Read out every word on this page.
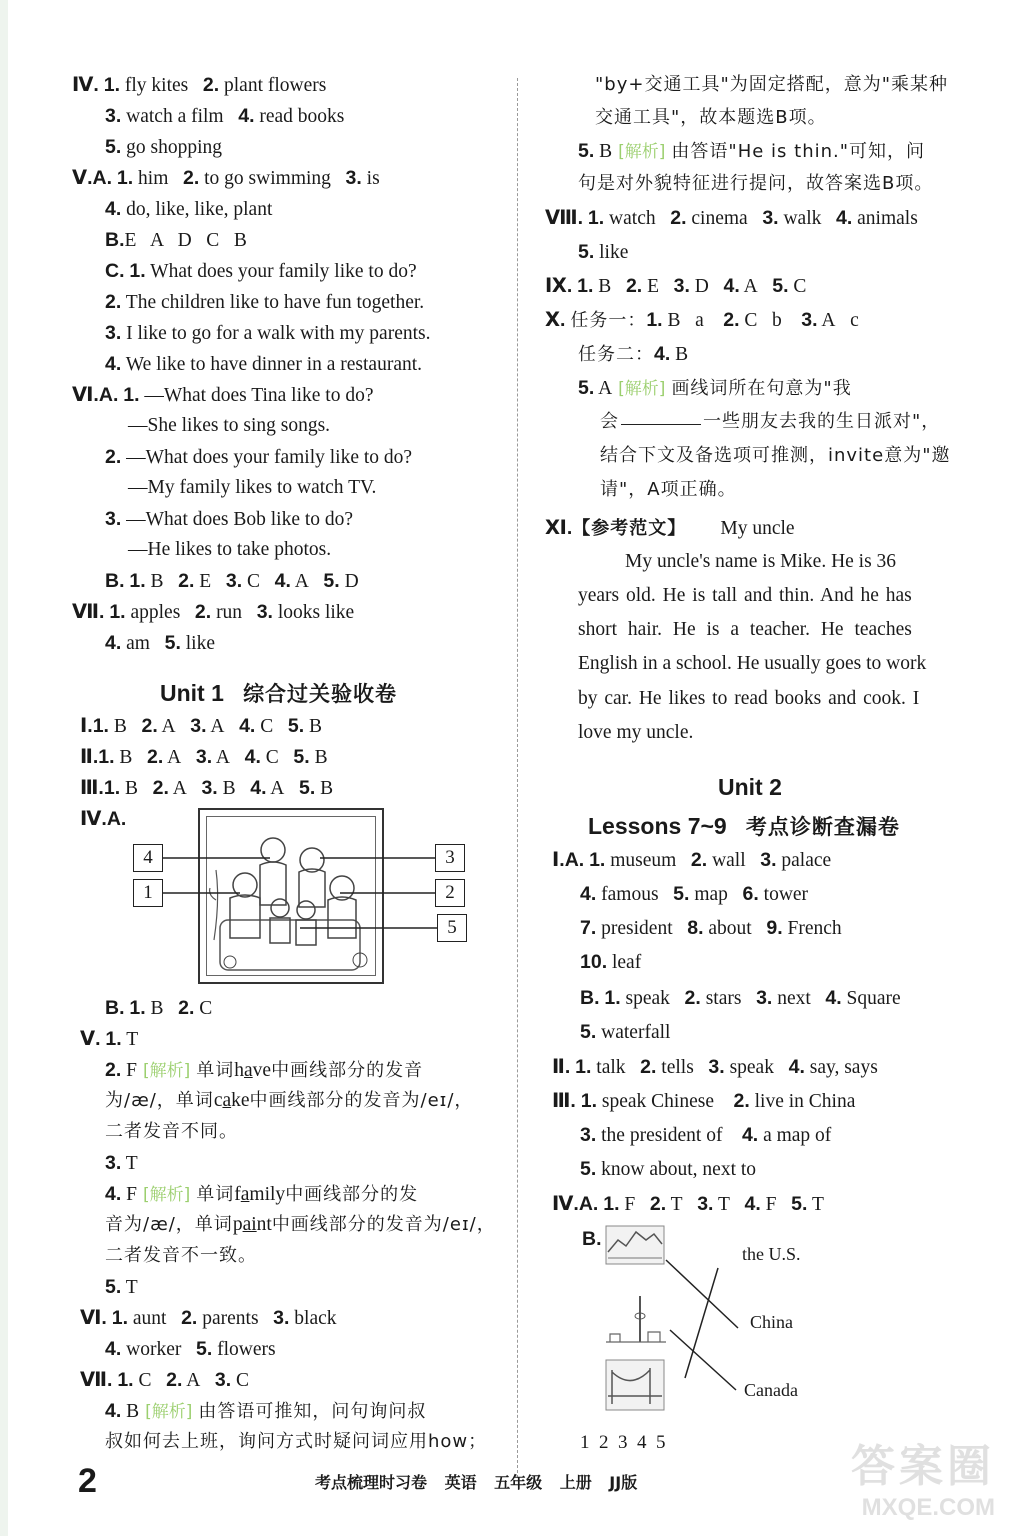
Ⅳ. 1. fly kites 2. plant flowers
3. watch a film 4. read books
5. go shopping
Ⅴ.A. 1. him 2. to go swimming 3. is
4. do, like, like, plant
B.E   A   D   C   B
C. 1. What does your family like to do?
2. The children like to have fun together.
3. I like to go for a walk with my parents.
4. We like to have dinner in a restaurant.
Ⅵ.A. 1. —What does Tina like to do?
—She likes to sing songs.
2. —What does your family like to do?
—My family likes to watch TV.
3. —What does Bob like to do?
—He likes to take photos.
B. 1. B 2. E 3. C 4. A 5. D
Ⅶ. 1. apples 2. run 3. looks like
4. am 5. like
Unit 1 综合过关验收卷
Ⅰ.1. B 2. A 3. A 4. C 5. B
Ⅱ.1. B 2. A 3. A 4. C 5. B
Ⅲ.1. B 2. A 3. B 4. A 5. B
Ⅳ.A.
4
1
3
2
5
B. 1. B 2. C
Ⅴ. 1. T
2. F [解析] 单词have中画线部分的发音
为/æ/，单词cake中画线部分的发音为/eɪ/，
二者发音不同。
3. T
4. F [解析] 单词family中画线部分的发
音为/æ/，单词paint中画线部分的发音为/eɪ/，
二者发音不一致。
5. T
Ⅵ. 1. aunt 2. parents 3. black
4. worker 5. flowers
Ⅶ. 1. C 2. A 3. C
4. B [解析] 由答语可推知，问句询问叔
叔如何去上班，询问方式时疑问词应用how；
"by+交通工具"为固定搭配，意为"乘某种
交通工具"，故本题选B项。
5. B [解析] 由答语"He is thin."可知，问
句是对外貌特征进行提问，故答案选B项。
Ⅷ. 1. watch 2. cinema 3. walk 4. animals
5. like
Ⅸ. 1. B 2. E 3. D 4. A 5. C
Ⅹ. 任务一：1. B a 2. C b 3. A c
任务二：4. B
5. A [解析] 画线词所在句意为"我
会	一些朋友去我的生日派对"，
结合下文及备选项可推测，invite意为"邀
请"，A项正确。
Ⅺ.【参考范文】 My uncle
My uncle's name is Mike. He is 36
years old. He is tall and thin. And he has
short hair. He is a teacher. He teaches
English in a school. He usually goes to work
by car. He likes to read books and cook. I
love my uncle.
Unit 2
Lessons 7~9 考点诊断查漏卷
Ⅰ.A. 1. museum 2. wall 3. palace
4. famous 5. map 6. tower
7. president 8. about 9. French
10. leaf
B. 1. speak 2. stars 3. next 4. Square
5. waterfall
Ⅱ. 1. talk 2. tells 3. speak 4. say, says
Ⅲ. 1. speak Chinese 2. live in China
3. the president of 4. a map of
5. know about, next to
Ⅳ.A. 1. F 2. T 3. T 4. F 5. T
B.
the U.S.
China
Canada
1  2  3  4  5
2	考点梳理时习卷 英语 五年级 上册 JJ版	答案圈
MXQE.COM
